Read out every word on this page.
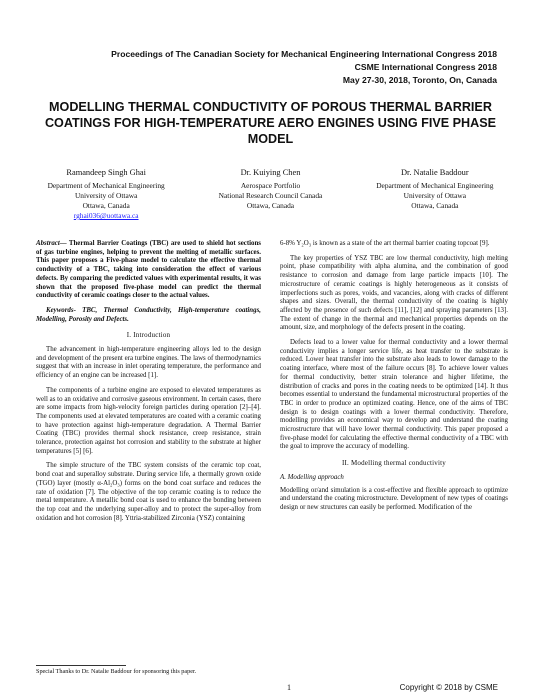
Proceedings of The Canadian Society for Mechanical Engineering International Congress 2018
CSME International Congress 2018
May 27-30, 2018, Toronto, On, Canada
MODELLING THERMAL CONDUCTIVITY OF POROUS THERMAL BARRIER COATINGS FOR HIGH-TEMPERATURE AERO ENGINES USING FIVE PHASE MODEL
Ramandeep Singh Ghai
Department of Mechanical Engineering
University of Ottawa
Ottawa, Canada
rghai036@uottawa.ca
Dr. Kuiying Chen
Aerospace Portfolio
National Research Council Canada
Ottawa, Canada
Dr. Natalie Baddour
Department of Mechanical Engineering
University of Ottawa
Ottawa, Canada

Abstract— Thermal Barrier Coatings (TBC) are used to shield hot sections of gas turbine engines, helping to prevent the melting of metallic surfaces. This paper proposes a Five-phase model to calculate the effective thermal conductivity of a TBC, taking into consideration the effect of various defects. By comparing the predicted values with experimental results, it was shown that the proposed five-phase model can predict the thermal conductivity of ceramic coatings closer to the actual values.

Keywords- TBC, Thermal Conductivity, High-temperature coatings, Modelling, Porosity and Defects.

I. Introduction

The advancement in high-temperature engineering alloys led to the design and development of the present era turbine engines. The laws of thermodynamics suggest that with an increase in inlet operating temperature, the performance and efficiency of an engine can be increased [1].

The components of a turbine engine are exposed to elevated temperatures as well as to an oxidative and corrosive gaseous environment. In certain cases, there are some impacts from high-velocity foreign particles during operation [2]–[4]. The components used at elevated temperatures are coated with a ceramic coating to have protection against high-temperature degradation. A Thermal Barrier Coating (TBC) provides thermal shock resistance, creep resistance, strain tolerance, protection against hot corrosion and stability to the substrate at higher temperatures [5] [6].

The simple structure of the TBC system consists of the ceramic top coat, bond coat and superalloy substrate. During service life, a thermally grown oxide (TGO) layer (mostly α-Al₂O₃) forms on the bond coat surface and reduces the rate of oxidation [7]. The objective of the top ceramic coating is to reduce the metal temperature. A metallic bond coat is used to enhance the bonding between the top coat and the underlying super-alloy and to protect the super-alloy from oxidation and hot corrosion [8]. Yttria-stabilized Zirconia (YSZ) containing

6-8% Y₂O₃ is known as a state of the art thermal barrier coating topcoat [9].

The key properties of YSZ TBC are low thermal conductivity, high melting point, phase compatibility with alpha alumina, and the combination of good resistance to corrosion and damage from large particle impacts [10]. The microstructure of ceramic coatings is highly heterogeneous as it consists of imperfections such as pores, voids, and vacancies, along with cracks of different shapes and sizes. Overall, the thermal conductivity of the coating is highly affected by the presence of such defects [11], [12] and spraying parameters [13]. The extent of change in the thermal and mechanical properties depends on the amount, size, and morphology of the defects present in the coating.

Defects lead to a lower value for thermal conductivity and a lower thermal conductivity implies a longer service life, as heat transfer to the substrate is reduced. Lower heat transfer into the substrate also leads to lower damage to the coating interface, where most of the failure occurs [8]. To achieve lower values for thermal conductivity, better strain tolerance and higher lifetime, the distribution of cracks and pores in the coating needs to be optimized [14]. It thus becomes essential to understand the fundamental microstructural properties of the TBC in order to produce an optimized coating. Hence, one of the aims of TBC design is to design coatings with a lower thermal conductivity. Therefore, modelling provides an economical way to develop and understand the coating microstructure that will have lower thermal conductivity. This paper proposed a five-phase model for calculating the effective thermal conductivity of a TBC with the goal to improve the accuracy of modelling.

II. Modelling thermal conductivity
A. Modelling approach

Modelling or/and simulation is a cost-effective and flexible approach to optimize and understand the coating microstructure. Development of new types of coatings design or new structures can easily be performed. Modification of the

Special Thanks to Dr. Natalie Baddour for sponsoring this paper.
1	Copyright © 2018 by CSME
